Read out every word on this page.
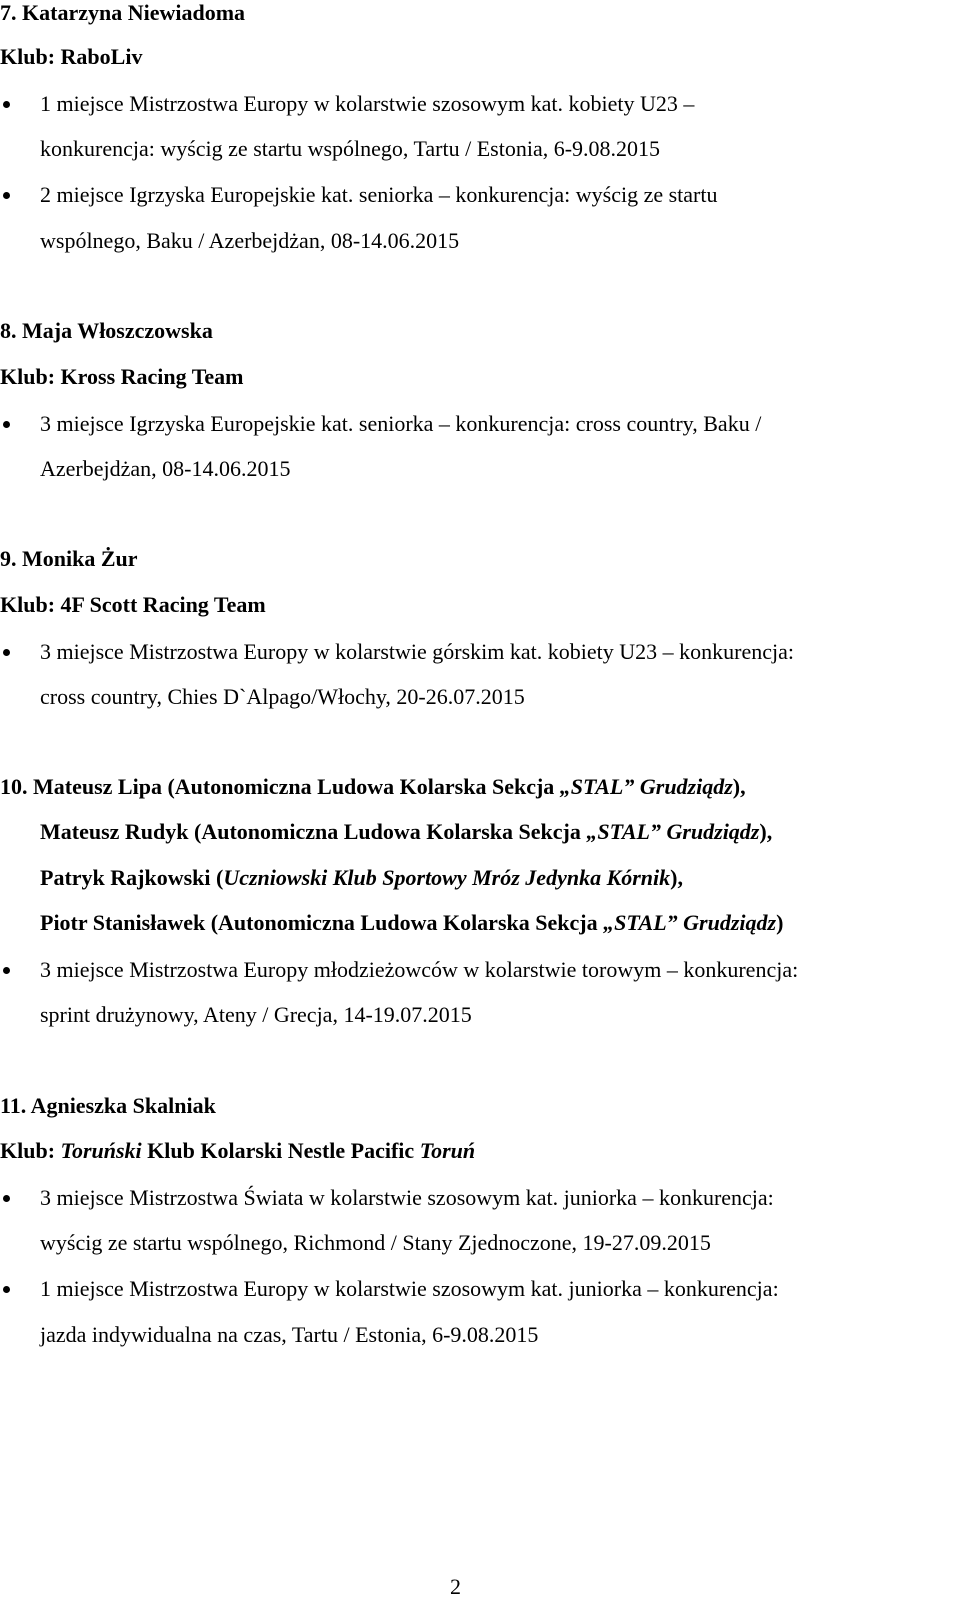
7. Katarzyna Niewiadoma
Klub: RaboLiv
1 miejsce Mistrzostwa Europy w kolarstwie szosowym kat. kobiety U23 –
konkurencja: wyścig ze startu wspólnego, Tartu / Estonia, 6-9.08.2015
2 miejsce Igrzyska Europejskie kat. seniorka – konkurencja: wyścig ze startu
wspólnego, Baku / Azerbejdżan, 08-14.06.2015
8. Maja Włoszczowska
Klub: Kross Racing Team
3 miejsce Igrzyska Europejskie kat. seniorka – konkurencja: cross country, Baku /
Azerbejdżan, 08-14.06.2015
9. Monika Żur
Klub: 4F Scott Racing Team
3 miejsce Mistrzostwa Europy w kolarstwie górskim kat. kobiety U23 – konkurencja:
cross country, Chies D`Alpago/Włochy, 20-26.07.2015
10. Mateusz Lipa (Autonomiczna Ludowa Kolarska Sekcja „STAL” Grudziądz),
Mateusz Rudyk (Autonomiczna Ludowa Kolarska Sekcja „STAL” Grudziądz),
Patryk Rajkowski (Uczniowski Klub Sportowy Mróz Jedynka Kórnik),
Piotr Stanisławek (Autonomiczna Ludowa Kolarska Sekcja „STAL” Grudziądz)
3 miejsce Mistrzostwa Europy młodzieżowców w kolarstwie torowym – konkurencja:
sprint drużynowy, Ateny / Grecja, 14-19.07.2015
11. Agnieszka Skalniak
Klub: Toruński Klub Kolarski Nestle Pacific Toruń
3 miejsce Mistrzostwa Świata w kolarstwie szosowym kat. juniorka – konkurencja:
wyścig ze startu wspólnego, Richmond / Stany Zjednoczone, 19-27.09.2015
1 miejsce Mistrzostwa Europy w kolarstwie szosowym kat. juniorka – konkurencja:
jazda indywidualna na czas, Tartu / Estonia, 6-9.08.2015
2
